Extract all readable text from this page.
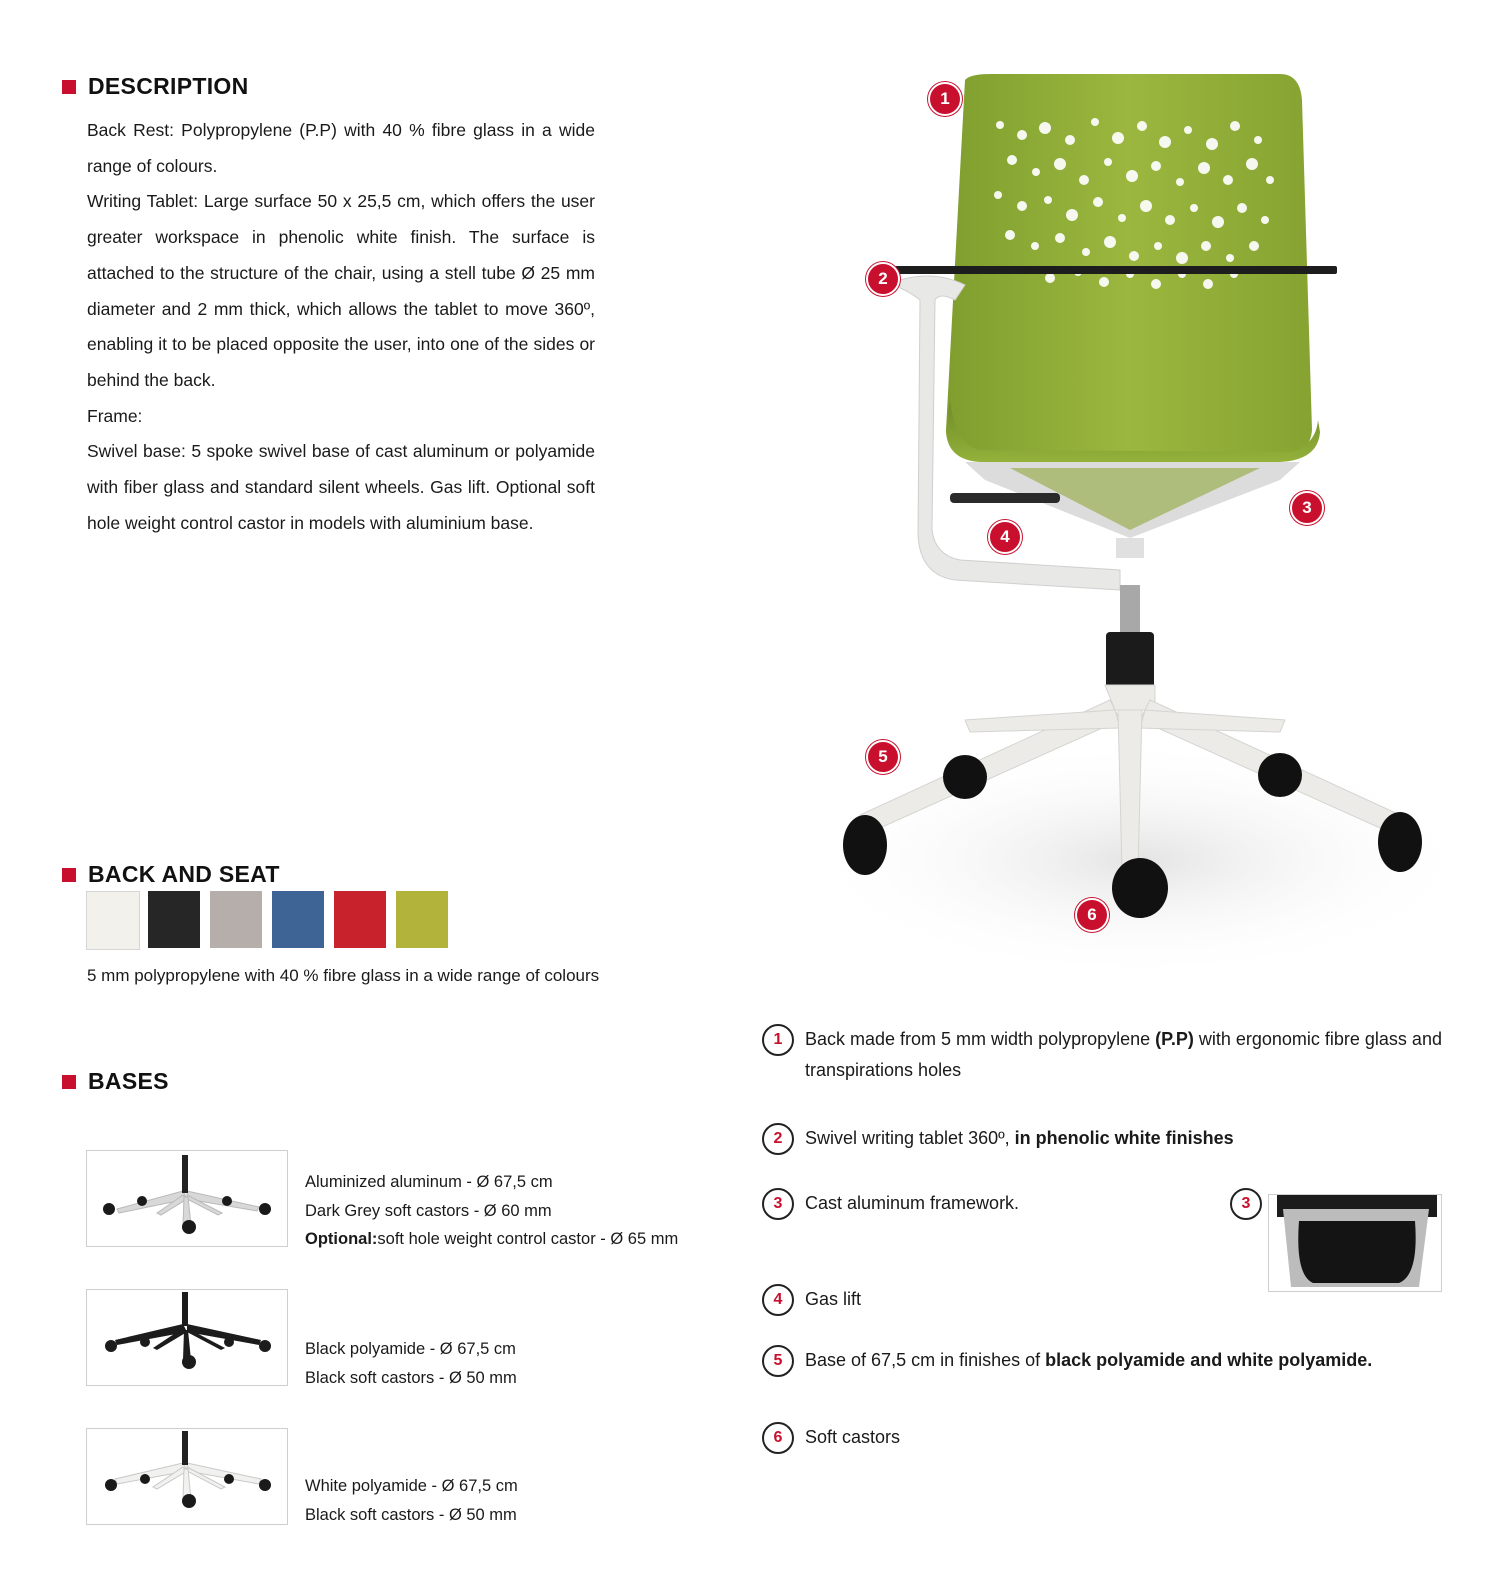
DESCRIPTION

Back Rest: Polypropylene (P.P) with 40 % fibre glass in a wide range of colours.

Writing Tablet: Large surface 50 x 25,5 cm, which offers the user greater workspace in phenolic white finish. The surface is attached to the structure of the chair, using a stell tube Ø 25 mm diameter and 2 mm thick, which allows the tablet to move 360º, enabling it to be placed opposite the user, into one of the sides or behind the back.

Frame:

Swivel base: 5 spoke swivel base of cast aluminum or polyamide with fiber glass and standard silent wheels. Gas lift. Optional soft hole weight control castor in models with aluminium base.

1
2
3
4
5
6
BACK AND SEAT
5 mm polypropylene with 40 % fibre glass in a wide range of colours
BASES
Aluminized aluminum - Ø 67,5 cm
Dark Grey soft castors - Ø 60 mm
Optional:soft hole weight control castor - Ø 65 mm
Black polyamide - Ø 67,5 cm
Black soft castors - Ø 50 mm
White polyamide - Ø 67,5 cm
Black soft castors - Ø 50 mm
1	Back made from 5 mm width polypropylene (P.P) with ergonomic fibre glass and transpirations holes
2	Swivel writing tablet 360º, in phenolic white finishes
3	Cast aluminum framework.	3
4	Gas lift
5	Base of 67,5 cm in finishes of black polyamide and white polyamide.
6	Soft castors
